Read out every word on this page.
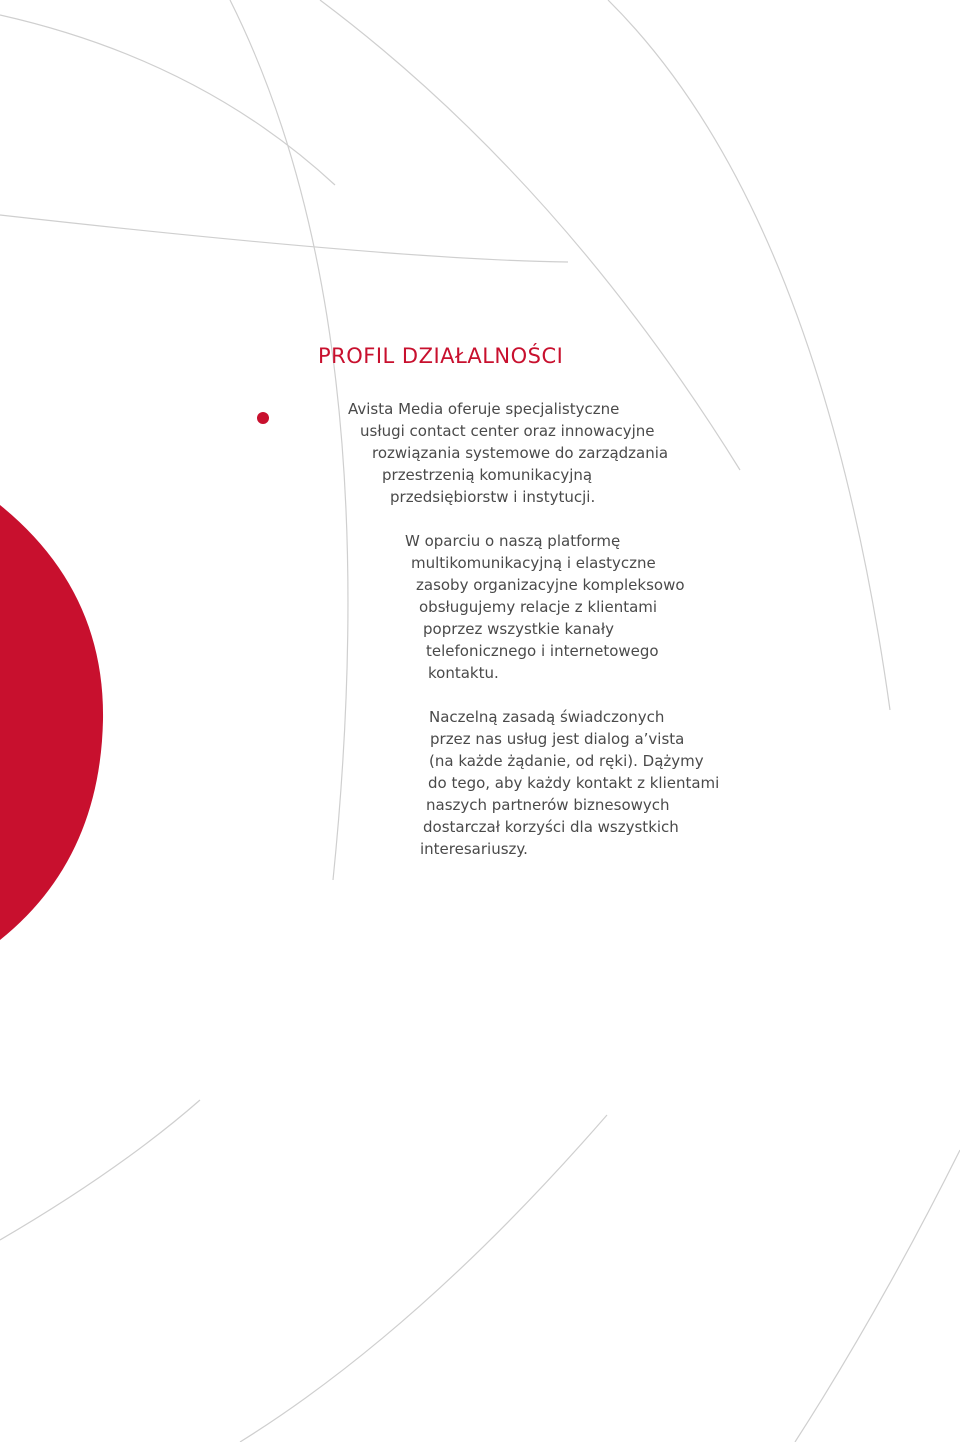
PROFIL DZIAŁALNOŚCI
Avista Media oferuje specjalistyczne
usługi contact center oraz innowacyjne
rozwiązania systemowe do zarządzania
przestrzenią komunikacyjną
przedsiębiorstw i instytucji.
W oparciu o naszą platformę
multikomunikacyjną i elastyczne
zasoby organizacyjne kompleksowo
obsługujemy relacje z klientami
poprzez wszystkie kanały
telefonicznego i internetowego
kontaktu.
Naczelną zasadą świadczonych
przez nas usług jest dialog a’vista
(na każde żądanie, od ręki). Dążymy
do tego, aby każdy kontakt z klientami
naszych partnerów biznesowych
dostarczał korzyści dla wszystkich
interesariuszy.
